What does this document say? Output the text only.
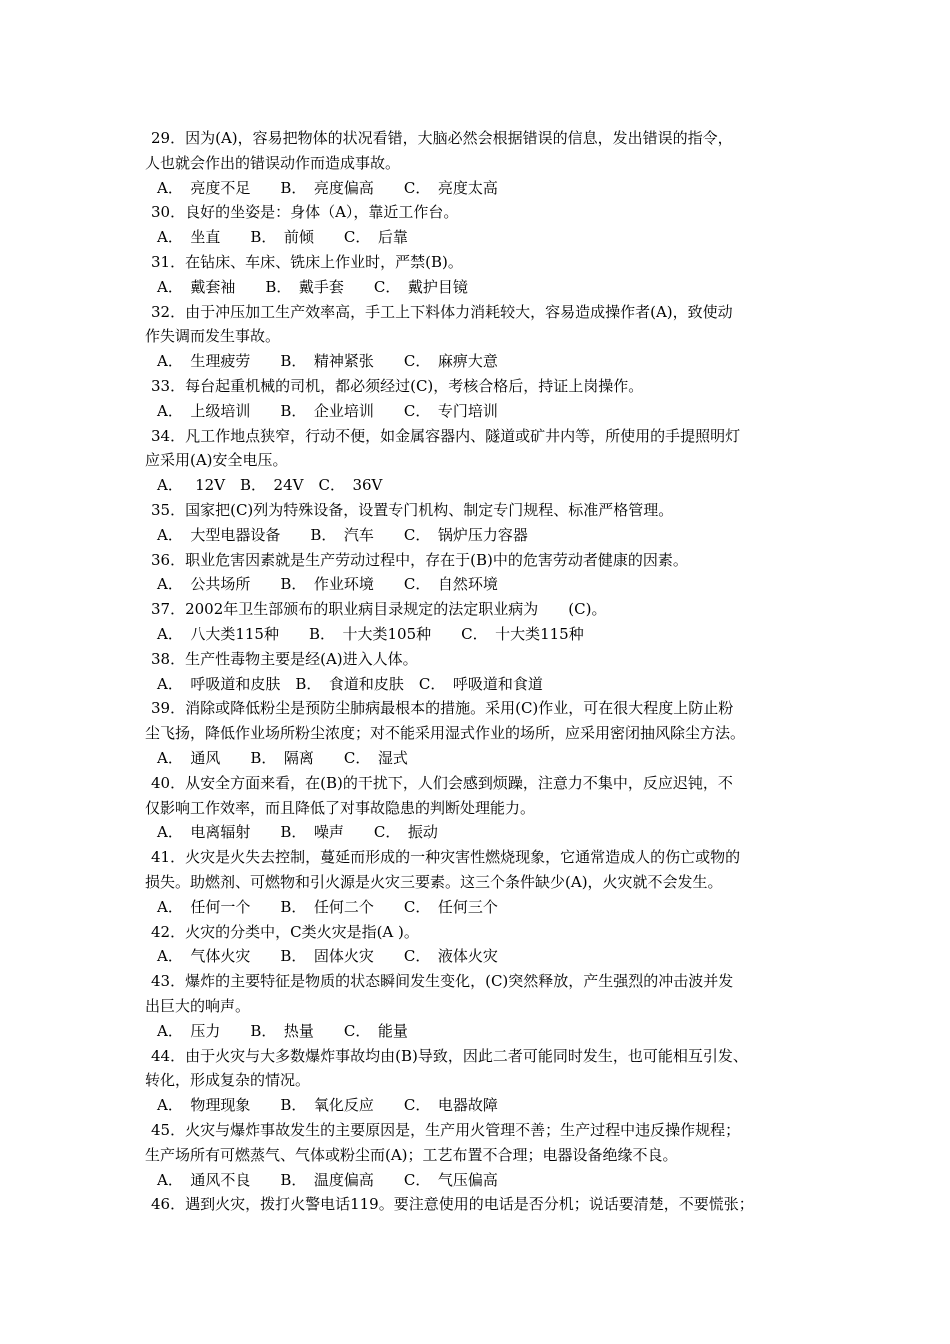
29．因为(A)，容易把物体的状况看错，大脑必然会根据错误的信息，发出错误的指令，
人也就会作出的错误动作而造成事故。
A．　亮度不足　　B．　亮度偏高　　C．　亮度太高
30．良好的坐姿是：身体（A），靠近工作台。
A．　坐直　　B．　前倾　　C．　后靠
31．在钻床、车床、铣床上作业时，严禁(B)。
A．　戴套袖　　B．　戴手套　　C．　戴护目镜
32．由于冲压加工生产效率高，手工上下料体力消耗较大，容易造成操作者(A)，致使动
作失调而发生事故。
A．　生理疲劳　　B．　精神紧张　　C．　麻痹大意
33．每台起重机械的司机，都必须经过(C)，考核合格后，持证上岗操作。
A．　上级培训　　B．　企业培训　　C．　专门培训
34．凡工作地点狭窄，行动不便，如金属容器内、隧道或矿井内等，所使用的手提照明灯
应采用(A)安全电压。
A．　 12V　B．　24V　C．　36V
35．国家把(C)列为特殊设备，设置专门机构、制定专门规程、标准严格管理。
A．　大型电器设备　　B．　汽车　　C．　锅炉压力容器
36．职业危害因素就是生产劳动过程中，存在于(B)中的危害劳动者健康的因素。
A．　公共场所　　B．　作业环境　　C．　自然环境
37．2002年卫生部颁布的职业病目录规定的法定职业病为　　(C)。
A．　八大类115种　　B．　十大类105种　　C．　十大类115种
38．生产性毒物主要是经(A)进入人体。
A．　呼吸道和皮肤　B．　食道和皮肤　C．　呼吸道和食道
39．消除或降低粉尘是预防尘肺病最根本的措施。采用(C)作业，可在很大程度上防止粉
尘飞扬，降低作业场所粉尘浓度；对不能采用湿式作业的场所，应采用密闭抽风除尘方法。
A．　通风　　B．　隔离　　C．　湿式
40．从安全方面来看，在(B)的干扰下，人们会感到烦躁，注意力不集中，反应迟钝，不
仅影响工作效率，而且降低了对事故隐患的判断处理能力。
A．　电离辐射　　B．　噪声　　C．　振动
41．火灾是火失去控制，蔓延而形成的一种灾害性燃烧现象，它通常造成人的伤亡或物的
损失。助燃剂、可燃物和引火源是火灾三要素。这三个条件缺少(A)，火灾就不会发生。
A．　任何一个　　B．　任何二个　　C．　任何三个
42．火灾的分类中，C类火灾是指(A )。
A．　气体火灾　　B．　固体火灾　　C．　液体火灾
43．爆炸的主要特征是物质的状态瞬间发生变化，(C)突然释放，产生强烈的冲击波并发
出巨大的响声。
A．　压力　　B．　热量　　C．　能量
44．由于火灾与大多数爆炸事故均由(B)导致，因此二者可能同时发生，也可能相互引发、
转化，形成复杂的情况。
A．　物理现象　　B．　氧化反应　　C．　电器故障
45．火灾与爆炸事故发生的主要原因是，生产用火管理不善；生产过程中违反操作规程；
生产场所有可燃蒸气、气体或粉尘而(A)；工艺布置不合理；电器设备绝缘不良。
A．　通风不良　　B．　温度偏高　　C．　气压偏高
46．遇到火灾，拨打火警电话119。要注意使用的电话是否分机；说话要清楚，不要慌张；
